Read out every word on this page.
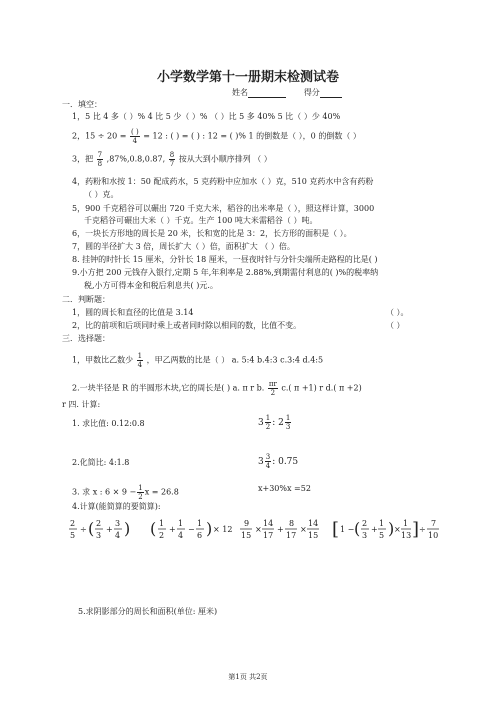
小学数学第十一册期末检测试卷
姓名	得分
一．填空：
1，5 比 4 多（ ）% 4 比 5 少（ ）% （ ）比 5 多 40% 5 比（ ）少 40%
2，$15 \div 20 = \frac{( )}{4} = 12$ : ( ) = ( ) : 12 = ( )% 1 的倒数是（ ），0 的倒数（ ）
3，把 $\frac{7}{8} ,87\%,0.8,0.87$, $\frac{8}{7}$ 按从大到小顺序排列 （ ）
4，药粉和水按 1：50 配成药水，5 克药粉中应加水（ ）克，510 克药水中含有药粉
（ ）克。
5，900 千克稻谷可以碾出 720 千克大米，稻谷的出米率是（ ），照这样计算，3000
千克稻谷可碾出大米（ ）千克。生产 100 吨大米需稻谷（ ）吨。
6，一块长方形地的周长是 20 米，长和宽的比是 3：2，长方形的面积是（ ）。
7，圆的半径扩大 3 倍，周长扩大（ ）倍，面积扩大 （ ）倍。
8. 挂钟的时针长 15 厘米，分针长 18 厘米，一昼夜时针与分针尖端所走路程的比是( )
9.小方把 200 元钱存入银行,定期 5 年,年利率是 2.88%,到期需付利息的( )%的税率纳
税,小方可得本金和税后利息共( )元.。
二．判断题：
1，圆的周长和直径的比值是 3.14	（ ）。
2，比的前项和后项同时乘上或者同时除以相同的数，比值不变。	（ ）
三．选择题：
1，甲数比乙数少 $\frac{1}{4}$ ，甲乙两数的比是（ ） a. 5:4 b.4:3 c.3:4 d.4:5
2.一块半径是 R 的半圆形木块,它的周长是( ) a. π r b. $\frac{\pi r}{2} c$.( π +1) r d.( π +2)
r 四. 计算:
1. 求比值: 0.12:0.8	$3 \frac{1}{2}$ : $2 \frac{1}{3}$
2.化简比: 4:1.8	$3 \frac{3}{4}$ : 0.75
3. 求 x : $6 \times 9 - \frac{1}{2}$ x = 26.8	x+30%x =52
4.计算(能简算的要简算):
2
5
÷ ( 2
3
+
3
4 ) ( 1
2
+
1
4
−
1
6 ) × 12
9
15
×
14
17
+
8
17
×
14
15 [ 1 − ( 2
3
+
1
5 ) ×
1
13 ] ÷
7
10
5.求阴影部分的周长和面积(单位: 厘米)
第1页 共2页
